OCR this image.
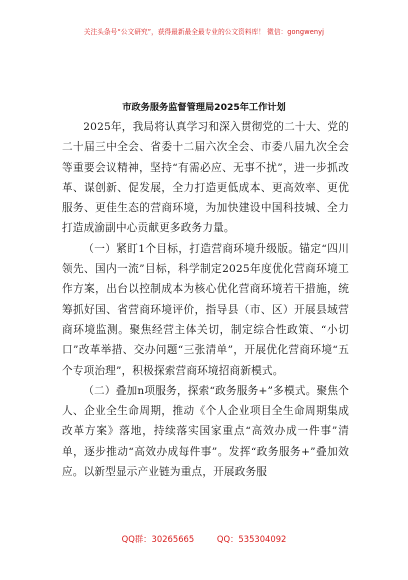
关注头条号“公文研究”，获得最新最全最专业的公文资料库！ 微信：gongwenyj
市政务服务监督管理局2025年工作计划

2025年，我局将认真学习和深入贯彻党的二十大、党的二十届三中全会、省委十二届六次全会、市委八届九次全会等重要会议精神，坚持“有需必应、无事不扰”，进一步抓改革、谋创新、促发展，全力打造更低成本、更高效率、更优服务、更佳生态的营商环境，为加快建设中国科技城、全力打造成渝副中心贡献更多政务力量。

（一）紧盯1个目标，打造营商环境升级版。锚定“四川领先、国内一流”目标，科学制定2025年度优化营商环境工作方案，出台以控制成本为核心优化营商环境若干措施，统筹抓好国、省营商环境评价，指导县（市、区）开展县域营商环境监测。聚焦经营主体关切，制定综合性政策、“小切口”改革举措、交办问题“三张清单”，开展优化营商环境“五个专项治理”，积极探索营商环境招商新模式。

（二）叠加n项服务，探索“政务服务+”多模式。聚焦个人、企业全生命周期，推动《个人企业项目全生命周期集成改革方案》落地，持续落实国家重点“高效办成一件事”清单，逐步推动“高效办成每件事”。发挥“政务服务+”叠加效应。以新型显示产业链为重点，开展政务服

QQ群：30265665	QQ：535304092
